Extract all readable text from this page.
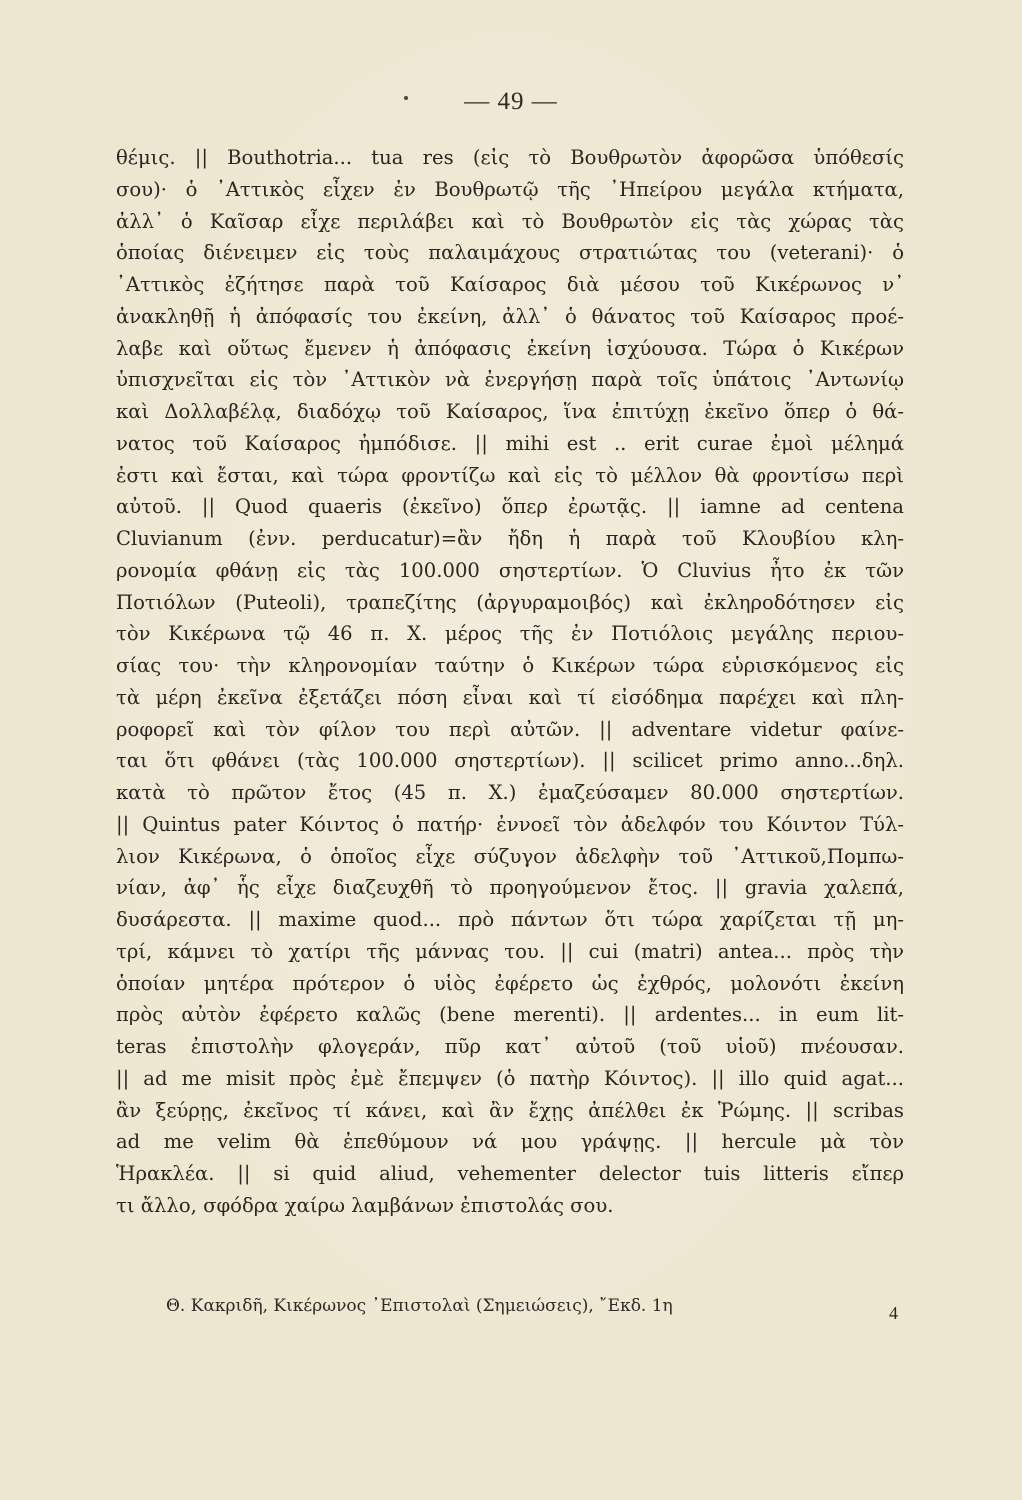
— 49 —
θέμις. || Bouthotria... tua res (εἰς τὸ Βουθρωτὸν ἀφορῶσα ὑπόθεσίς
σου)· ὁ ᾿Αττικὸς εἶχεν ἐν Βουθρωτῷ τῆς ᾿Ηπείρου μεγάλα κτήματα,
ἀλλ᾿ ὁ Καῖσαρ εἶχε περιλάβει καὶ τὸ Βουθρωτὸν εἰς τὰς χώρας τὰς
ὁποίας διένειμεν εἰς τοὺς παλαιμάχους στρατιώτας του (veterani)· ὁ
᾿Αττικὸς ἐζήτησε παρὰ τοῦ Καίσαρος διὰ μέσου τοῦ Κικέρωνος ν᾿
ἀνακληθῇ ἡ ἀπόφασίς του ἐκείνη, ἀλλ᾿ ὁ θάνατος τοῦ Καίσαρος προέ-
λαβε καὶ οὕτως ἔμενεν ἡ ἀπόφασις ἐκείνη ἰσχύουσα. Τώρα ὁ Κικέρων
ὑπισχνεῖται εἰς τὸν ᾿Αττικὸν νὰ ἐνεργήσῃ παρὰ τοῖς ὑπάτοις ᾿Αντωνίῳ
καὶ Δολλαβέλᾳ, διαδόχῳ τοῦ Καίσαρος, ἵνα ἐπιτύχῃ ἐκεῖνο ὅπερ ὁ θά-
νατος τοῦ Καίσαρος ἠμπόδισε. || mihi est .. erit curae ἐμοὶ μέλημά
ἐστι καὶ ἔσται, καὶ τώρα φροντίζω καὶ εἰς τὸ μέλλον θὰ φροντίσω περὶ
αὐτοῦ. || Quod quaeris (ἐκεῖνο) ὅπερ ἐρωτᾷς. || iamne ad centena
Cluvianum (ἐνν. perducatur)=ἂν ἤδη ἡ παρὰ τοῦ Κλουβίου κλη-
ρονομία φθάνῃ εἰς τὰς 100.000 σηστερτίων. Ὁ Cluvius ἦτο ἐκ τῶν
Ποτιόλων (Puteoli), τραπεζίτης (ἀργυραμοιβός) καὶ ἐκληροδότησεν εἰς
τὸν Κικέρωνα τῷ 46 π. Χ. μέρος τῆς ἐν Ποτιόλοις μεγάλης περιου-
σίας του· τὴν κληρονομίαν ταύτην ὁ Κικέρων τώρα εὑρισκόμενος εἰς
τὰ μέρη ἐκεῖνα ἐξετάζει πόση εἶναι καὶ τί εἰσόδημα παρέχει καὶ πλη-
ροφορεῖ καὶ τὸν φίλον του περὶ αὐτῶν. || adventare videtur φαίνε-
ται ὅτι φθάνει (τὰς 100.000 σηστερτίων). || scilicet primo anno...δηλ.
κατὰ τὸ πρῶτον ἔτος (45 π. Χ.) ἐμαζεύσαμεν 80.000 σηστερτίων.
|| Quintus pater Κόιντος ὁ πατήρ· ἐννοεῖ τὸν ἀδελφόν του Κόιντον Τύλ-
λιον Κικέρωνα, ὁ ὁποῖος εἶχε σύζυγον ἀδελφὴν τοῦ ᾿Αττικοῦ,Πομπω-
νίαν, ἀφ᾿ ἧς εἶχε διαζευχθῆ τὸ προηγούμενον ἔτος. || gravia χαλεπά,
δυσάρεστα. || maxime quod... πρὸ πάντων ὅτι τώρα χαρίζεται τῇ μη-
τρί, κάμνει τὸ χατίρι τῆς μάννας του. || cui (matri) antea... πρὸς τὴν
ὁποίαν μητέρα πρότερον ὁ υἱὸς ἐφέρετο ὡς ἐχθρός, μολονότι ἐκείνη
πρὸς αὐτὸν ἐφέρετο καλῶς (bene merenti). || ardentes... in eum lit-
teras ἐπιστολὴν φλογεράν, πῦρ κατ᾿ αὐτοῦ (τοῦ υἱοῦ) πνέουσαν.
|| ad me misit πρὸς ἐμὲ ἔπεμψεν (ὁ πατὴρ Κόιντος). || illo quid agat...
ἂν ξεύρῃς, ἐκεῖνος τί κάνει, καὶ ἂν ἔχῃς ἀπέλθει ἐκ Ῥώμης. || scribas
ad me velim θὰ ἐπεθύμουν νά μου γράψῃς. || hercule μὰ τὸν
Ἡρακλέα. || si quid aliud, vehementer delector tuis litteris εἴπερ
τι ἄλλο, σφόδρα χαίρω λαμβάνων ἐπιστολάς σου.
Θ. Κακριδῆ, Κικέρωνος ᾿Επιστολαὶ (Σημειώσεις), ῎Εκδ. 1η	4
